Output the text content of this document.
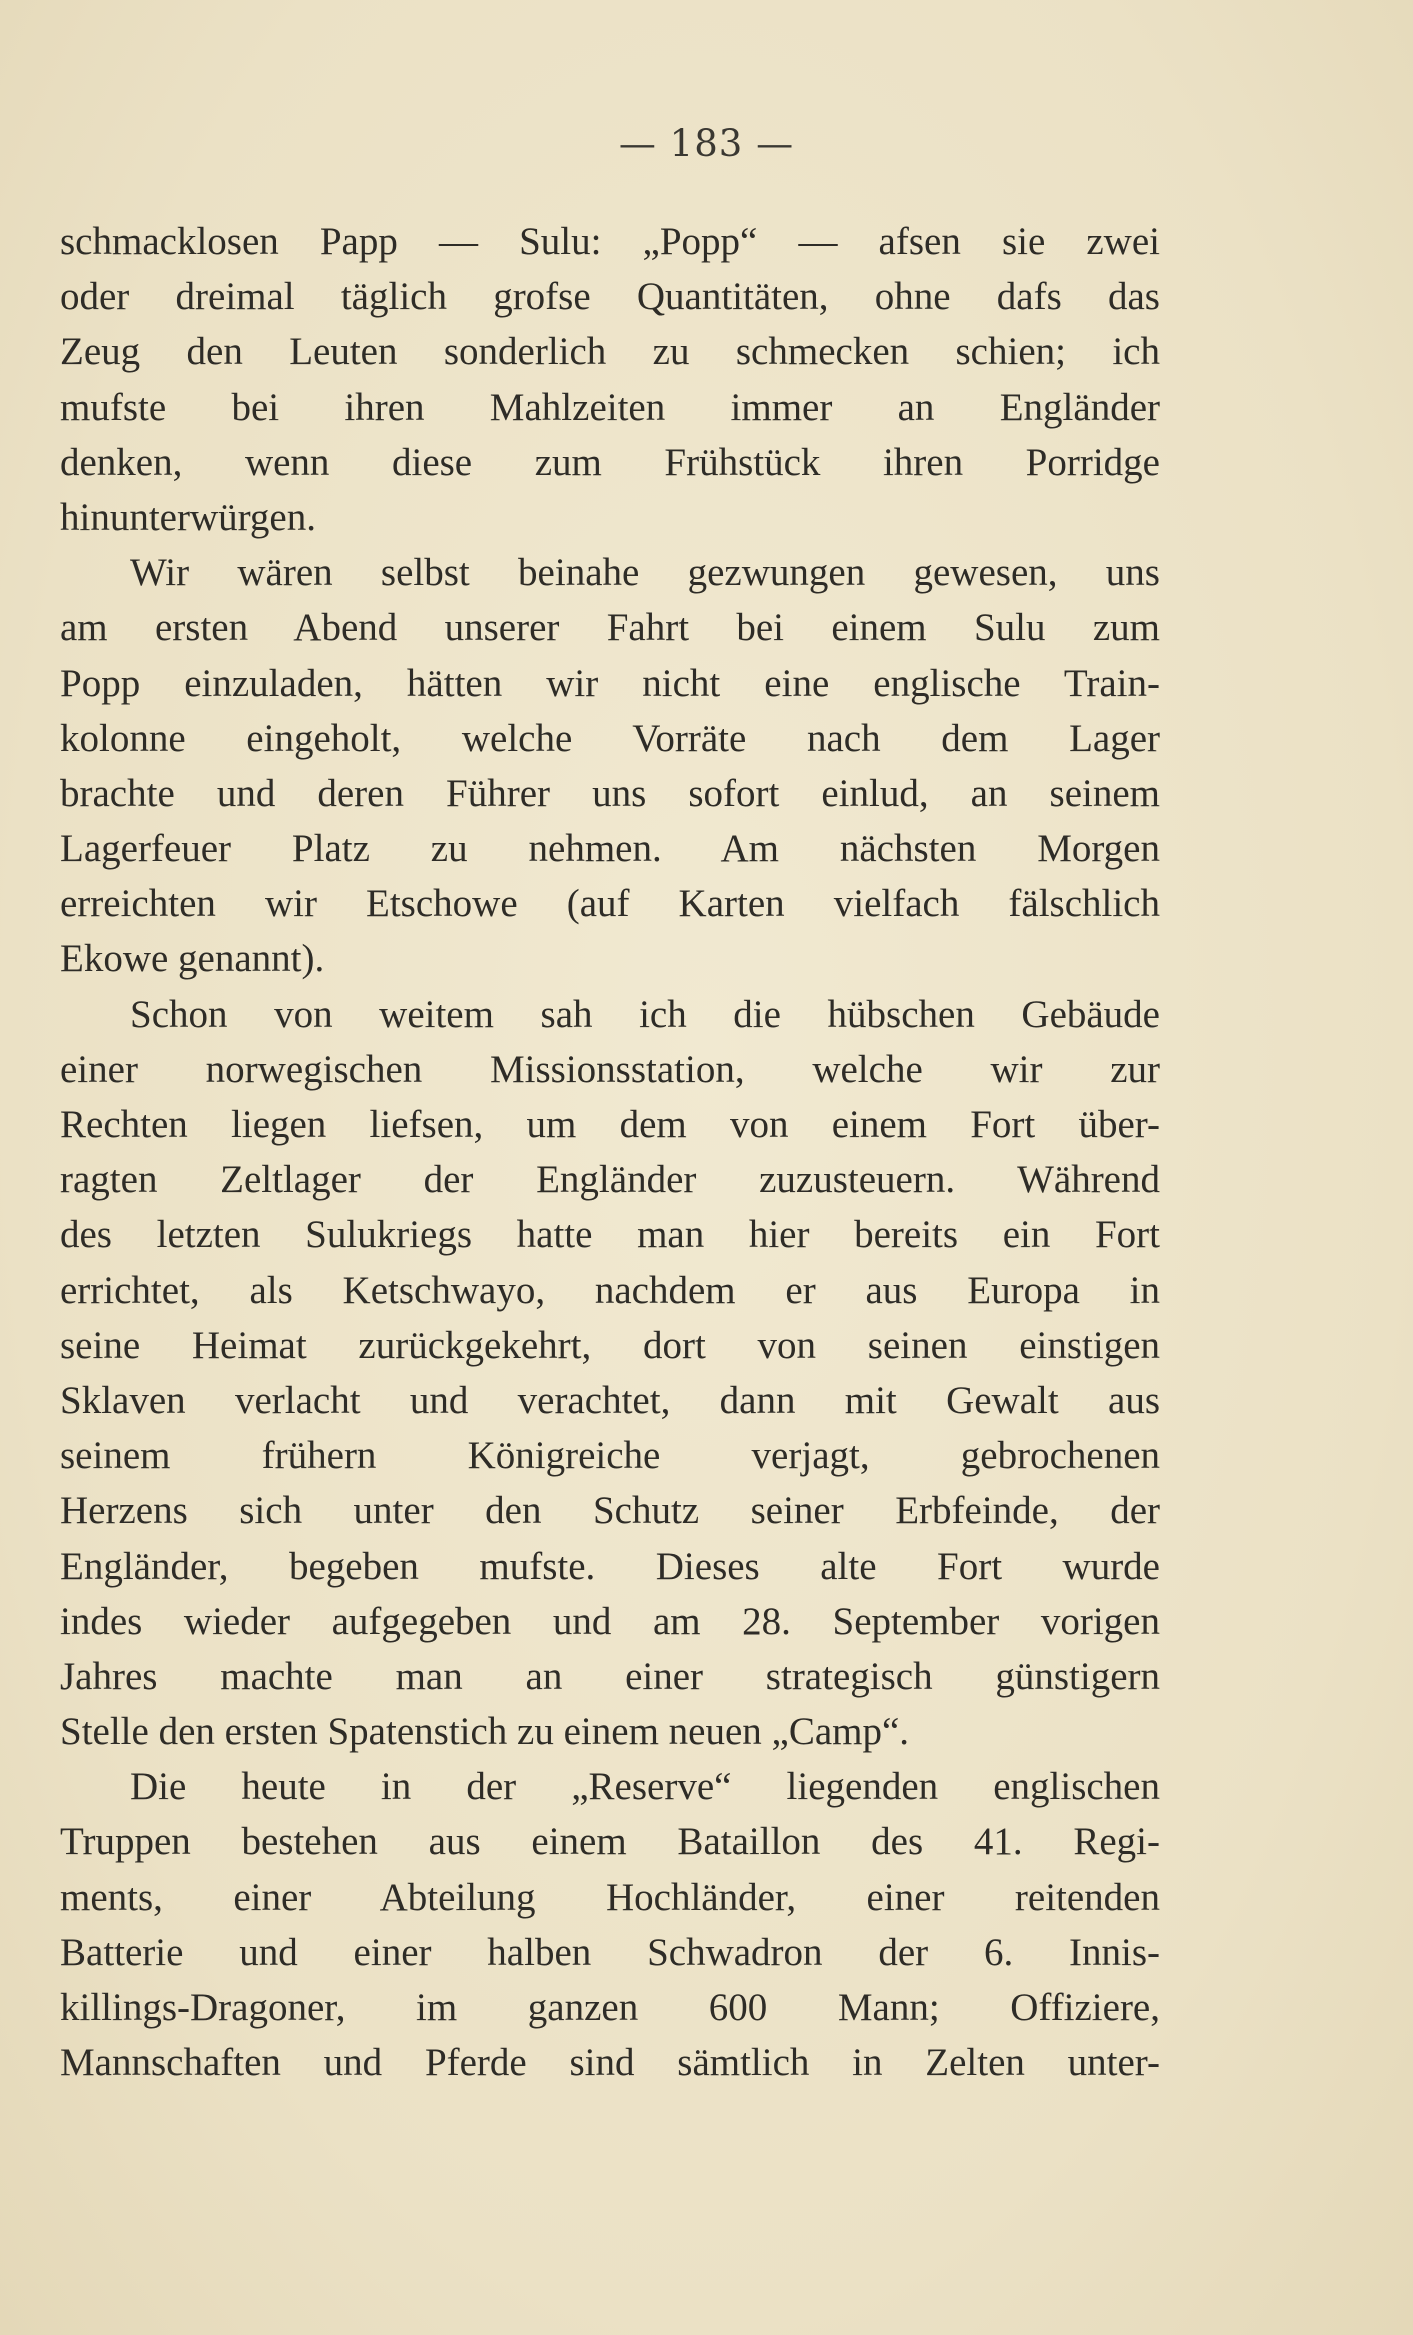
— 183 —
schmacklosen Papp — Sulu: „Popp“ — afsen sie zwei
oder dreimal täglich grofse Quantitäten, ohne dafs das
Zeug den Leuten sonderlich zu schmecken schien; ich
mufste bei ihren Mahlzeiten immer an Engländer
denken, wenn diese zum Frühstück ihren Porridge
hinunterwürgen.
Wir wären selbst beinahe gezwungen gewesen, uns
am ersten Abend unserer Fahrt bei einem Sulu zum
Popp einzuladen, hätten wir nicht eine englische Train-
kolonne eingeholt, welche Vorräte nach dem Lager
brachte und deren Führer uns sofort einlud, an seinem
Lagerfeuer Platz zu nehmen. Am nächsten Morgen
erreichten wir Etschowe (auf Karten vielfach fälschlich
Ekowe genannt).
Schon von weitem sah ich die hübschen Gebäude
einer norwegischen Missionsstation, welche wir zur
Rechten liegen liefsen, um dem von einem Fort über-
ragten Zeltlager der Engländer zuzusteuern. Während
des letzten Sulukriegs hatte man hier bereits ein Fort
errichtet, als Ketschwayo, nachdem er aus Europa in
seine Heimat zurückgekehrt, dort von seinen einstigen
Sklaven verlacht und verachtet, dann mit Gewalt aus
seinem frühern Königreiche verjagt, gebrochenen
Herzens sich unter den Schutz seiner Erbfeinde, der
Engländer, begeben mufste. Dieses alte Fort wurde
indes wieder aufgegeben und am 28. September vorigen
Jahres machte man an einer strategisch günstigern
Stelle den ersten Spatenstich zu einem neuen „Camp“.
Die heute in der „Reserve“ liegenden englischen
Truppen bestehen aus einem Bataillon des 41. Regi-
ments, einer Abteilung Hochländer, einer reitenden
Batterie und einer halben Schwadron der 6. Innis-
killings-Dragoner, im ganzen 600 Mann; Offiziere,
Mannschaften und Pferde sind sämtlich in Zelten unter-
